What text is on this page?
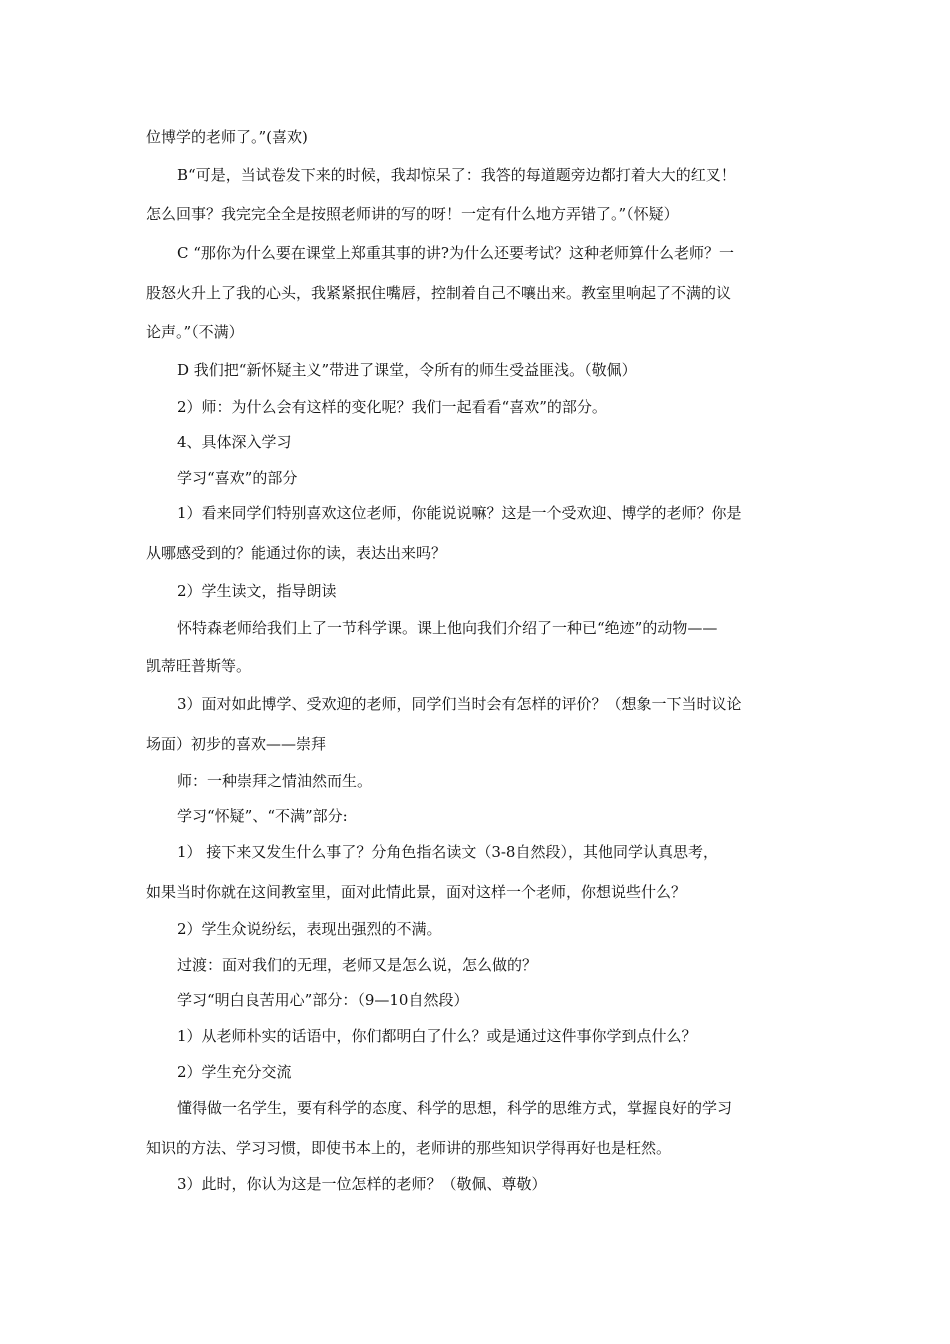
位博学的老师了。”(喜欢)
B“可是，当试卷发下来的时候，我却惊呆了：我答的每道题旁边都打着大大的红叉！
怎么回事？我完完全全是按照老师讲的写的呀！一定有什么地方弄错了。”（怀疑）
C “那你为什么要在课堂上郑重其事的讲?为什么还要考试？这种老师算什么老师？一
股怒火升上了我的心头，我紧紧抿住嘴唇，控制着自己不嚷出来。教室里响起了不满的议
论声。”（不满）
D 我们把“新怀疑主义”带进了课堂，令所有的师生受益匪浅。（敬佩）
2）师：为什么会有这样的变化呢？我们一起看看“喜欢”的部分。
4、具体深入学习
学习“喜欢”的部分
1）看来同学们特别喜欢这位老师，你能说说嘛？这是一个受欢迎、博学的老师？你是
从哪感受到的？能通过你的读，表达出来吗？
2）学生读文，指导朗读
怀特森老师给我们上了一节科学课。课上他向我们介绍了一种已“绝迹”的动物——
凯蒂旺普斯等。
3）面对如此博学、受欢迎的老师，同学们当时会有怎样的评价？（想象一下当时议论
场面）初步的喜欢——崇拜
师：一种崇拜之情油然而生。
学习“怀疑”、“不满”部分:
1） 接下来又发生什么事了？分角色指名读文（3-8自然段），其他同学认真思考，
如果当时你就在这间教室里，面对此情此景，面对这样一个老师，你想说些什么？
2）学生众说纷纭，表现出强烈的不满。
过渡：面对我们的无理，老师又是怎么说，怎么做的？
学习“明白良苦用心”部分：（9—10自然段）
1）从老师朴实的话语中，你们都明白了什么？或是通过这件事你学到点什么？
2）学生充分交流
懂得做一名学生，要有科学的态度、科学的思想，科学的思维方式，掌握良好的学习
知识的方法、学习习惯，即使书本上的，老师讲的那些知识学得再好也是枉然。
3）此时，你认为这是一位怎样的老师？（敬佩、尊敬）
